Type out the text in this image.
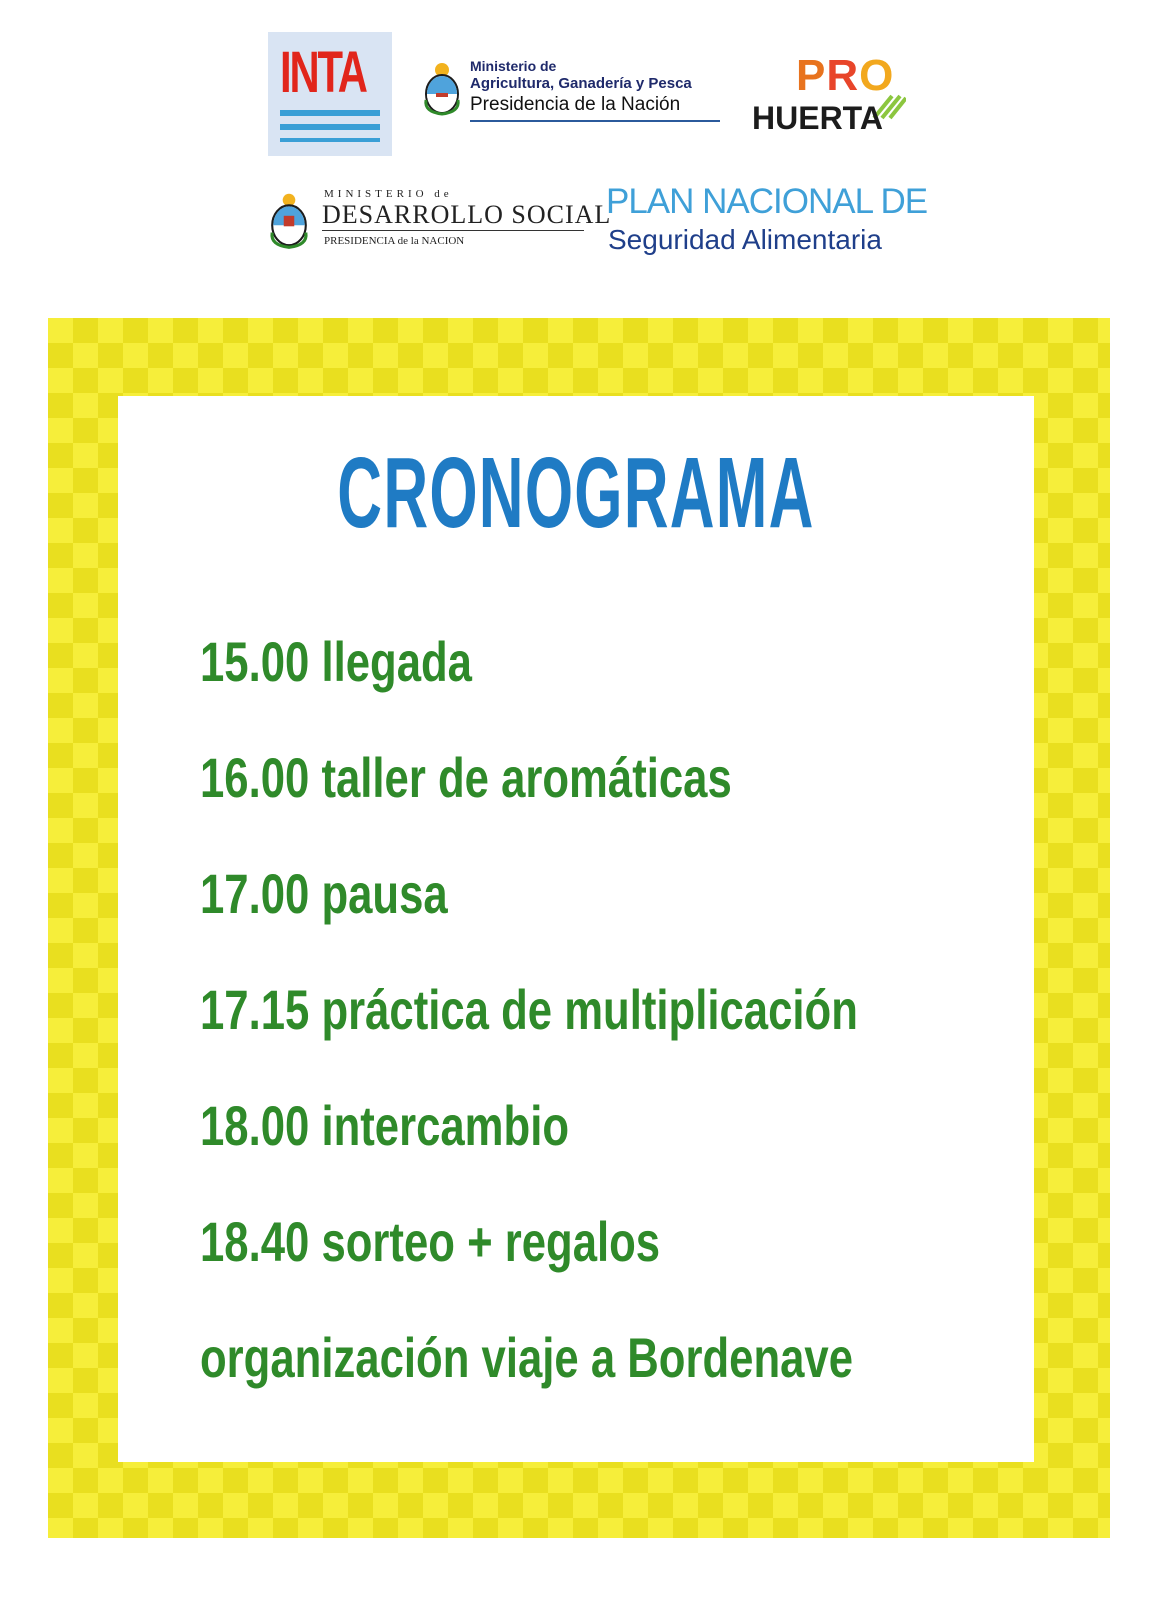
INTA	Ministerio de
Agricultura, Ganadería y Pesca
Presidencia de la Nación
PRO
HUERTA
MINISTERIO de
DESARROLLO SOCIAL
PRESIDENCIA de la NACION
PLAN NACIONAL DE
Seguridad Alimentaria
CRONOGRAMA
15.00 llegada
16.00 taller de aromáticas
17.00 pausa
17.15 práctica de multiplicación
18.00 intercambio
18.40 sorteo + regalos
organización viaje a Bordenave
